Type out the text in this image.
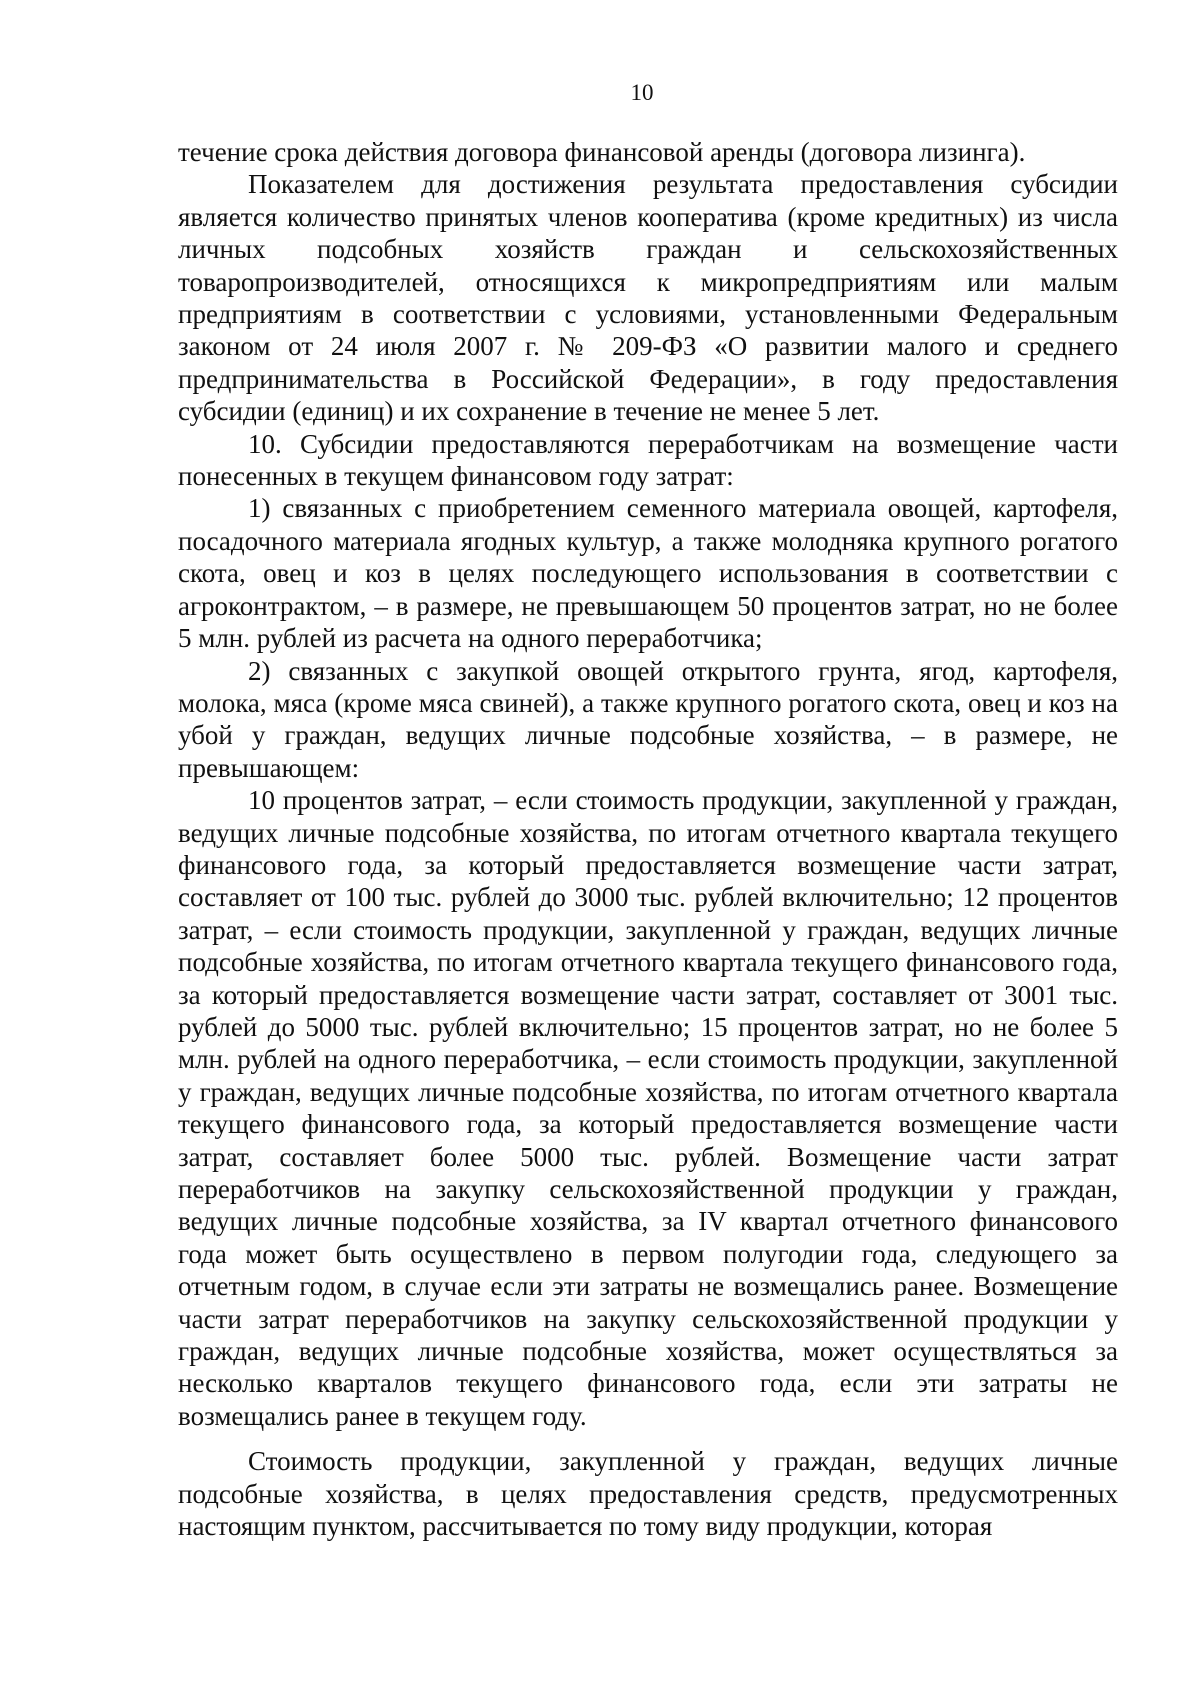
10

течение срока действия договора финансовой аренды (договора лизинга).

Показателем для достижения результата предоставления субсидии является количество принятых членов кооператива (кроме кредитных) из числа личных подсобных хозяйств граждан и сельскохозяйственных товаропроизводителей, относящихся к микропредприятиям или малым предприятиям в соответствии с условиями, установленными Федеральным законом от 24 июля 2007 г. № 209-ФЗ «О развитии малого и среднего предпринимательства в Российской Федерации», в году предоставления субсидии (единиц) и их сохранение в течение не менее 5 лет.

10. Субсидии предоставляются переработчикам на возмещение части понесенных в текущем финансовом году затрат:

1) связанных с приобретением семенного материала овощей, картофеля, посадочного материала ягодных культур, а также молодняка крупного рогатого скота, овец и коз в целях последующего использования в соответствии с агроконтрактом, – в размере, не превышающем 50 процентов затрат, но не более 5 млн. рублей из расчета на одного переработчика;

2) связанных с закупкой овощей открытого грунта, ягод, картофеля, молока, мяса (кроме мяса свиней), а также крупного рогатого скота, овец и коз на убой у граждан, ведущих личные подсобные хозяйства, – в размере, не превышающем:

10 процентов затрат, – если стоимость продукции, закупленной у граждан, ведущих личные подсобные хозяйства, по итогам отчетного квартала текущего финансового года, за который предоставляется возмещение части затрат, составляет от 100 тыс. рублей до 3000 тыс. рублей включительно; 12 процентов затрат, – если стоимость продукции, закупленной у граждан, ведущих личные подсобные хозяйства, по итогам отчетного квартала текущего финансового года, за который предоставляется возмещение части затрат, составляет от 3001 тыс. рублей до 5000 тыс. рублей включительно; 15 процентов затрат, но не более 5 млн. рублей на одного переработчика, – если стоимость продукции, закупленной у граждан, ведущих личные подсобные хозяйства, по итогам отчетного квартала текущего финансового года, за который предоставляется возмещение части затрат, составляет более 5000 тыс. рублей. Возмещение части затрат переработчиков на закупку сельскохозяйственной продукции у граждан, ведущих личные подсобные хозяйства, за IV квартал отчетного финансового года может быть осуществлено в первом полугодии года, следующего за отчетным годом, в случае если эти затраты не возмещались ранее. Возмещение части затрат переработчиков на закупку сельскохозяйственной продукции у граждан, ведущих личные подсобные хозяйства, может осуществляться за несколько кварталов текущего финансового года, если эти затраты не возмещались ранее в текущем году.

Стоимость продукции, закупленной у граждан, ведущих личные подсобные хозяйства, в целях предоставления средств, предусмотренных настоящим пунктом, рассчитывается по тому виду продукции, которая
